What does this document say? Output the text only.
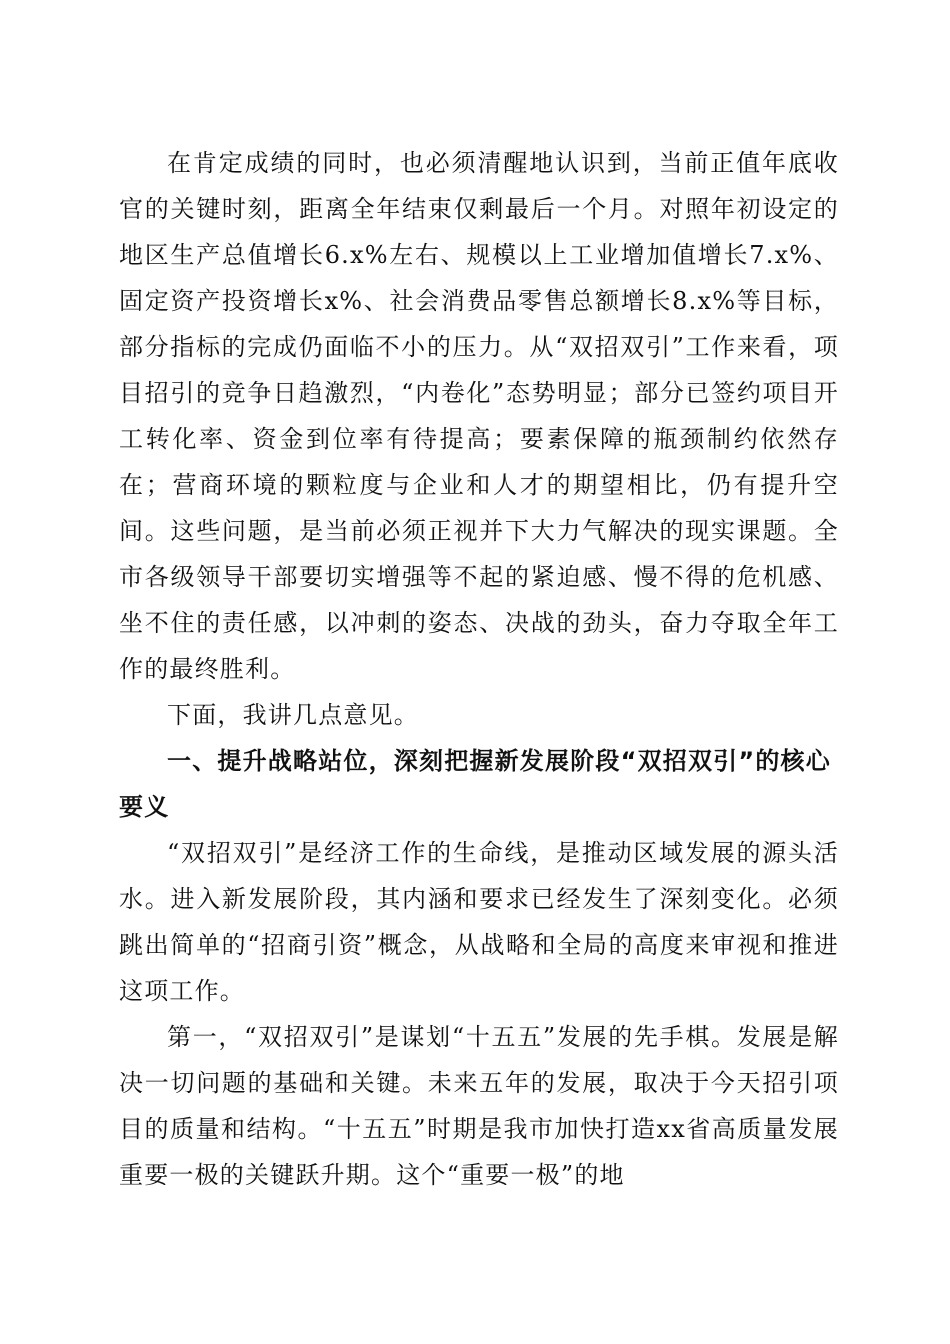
在肯定成绩的同时，也必须清醒地认识到，当前正值年底收官的关键时刻，距离全年结束仅剩最后一个月。对照年初设定的地区生产总值增长6.x%左右、规模以上工业增加值增长7.x%、固定资产投资增长x%、社会消费品零售总额增长8.x%等目标，部分指标的完成仍面临不小的压力。从“双招双引”工作来看，项目招引的竞争日趋激烈，“内卷化”态势明显；部分已签约项目开工转化率、资金到位率有待提高；要素保障的瓶颈制约依然存在；营商环境的颗粒度与企业和人才的期望相比，仍有提升空间。这些问题，是当前必须正视并下大力气解决的现实课题。全市各级领导干部要切实增强等不起的紧迫感、慢不得的危机感、坐不住的责任感，以冲刺的姿态、决战的劲头，奋力夺取全年工作的最终胜利。

下面，我讲几点意见。

一、提升战略站位，深刻把握新发展阶段“双招双引”的核心要义

“双招双引”是经济工作的生命线，是推动区域发展的源头活水。进入新发展阶段，其内涵和要求已经发生了深刻变化。必须跳出简单的“招商引资”概念，从战略和全局的高度来审视和推进这项工作。

第一，“双招双引”是谋划“十五五”发展的先手棋。发展是解决一切问题的基础和关键。未来五年的发展，取决于今天招引项目的质量和结构。“十五五”时期是我市加快打造xx省高质量发展重要一极的关键跃升期。这个“重要一极”的地
